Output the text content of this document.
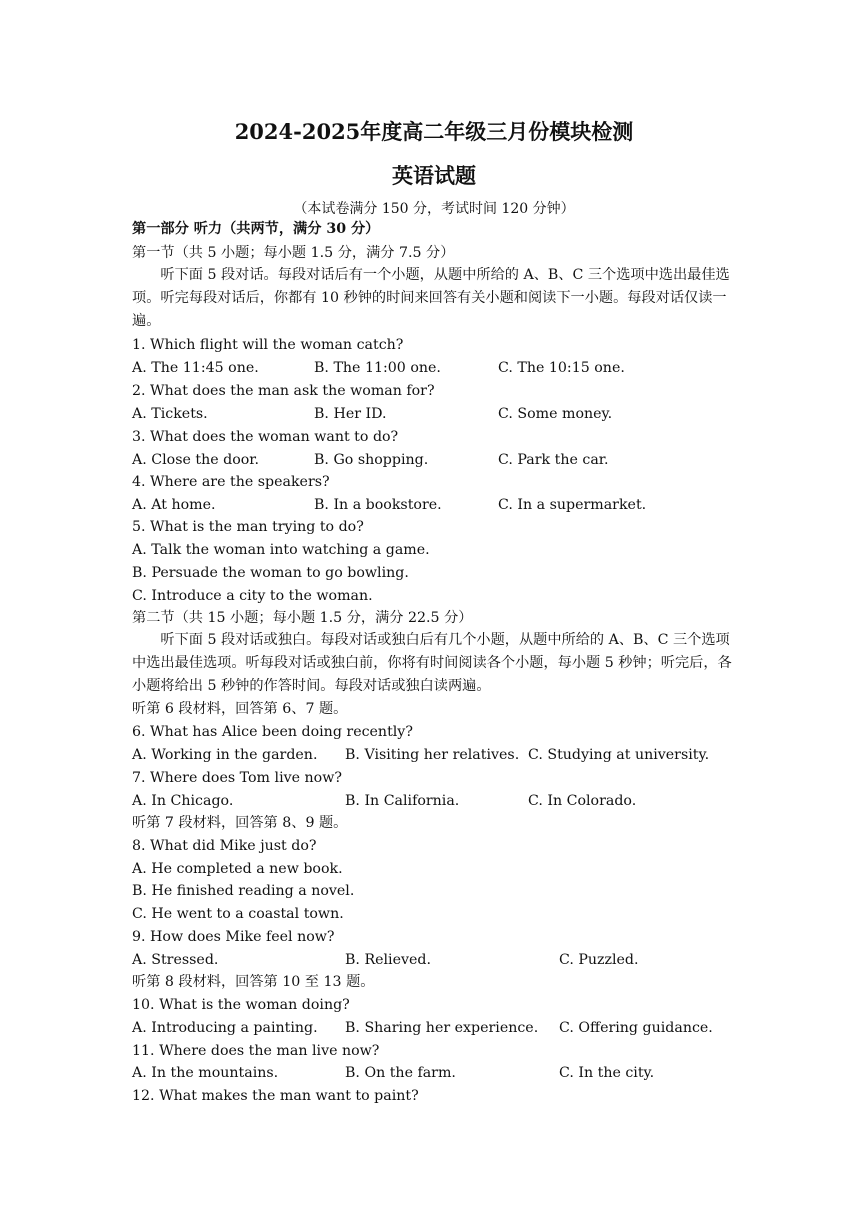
2024-2025年度高二年级三月份模块检测
英语试题
（本试卷满分 150 分，考试时间 120 分钟）
第一部分 听力（共两节，满分 30 分）
第一节（共 5 小题；每小题 1.5 分，满分 7.5 分）
听下面 5 段对话。每段对话后有一个小题，从题中所给的 A、B、C 三个选项中选出最佳选项。听完每段对话后，你都有 10 秒钟的时间来回答有关小题和阅读下一小题。每段对话仅读一遍。
1. Which flight will the woman catch?
A. The 11:45 one.	B. The 11:00 one.	C. The 10:15 one.
2. What does the man ask the woman for?
A. Tickets.	B. Her ID.	C. Some money.
3. What does the woman want to do?
A. Close the door.	B. Go shopping.	C. Park the car.
4. Where are the speakers?
A. At home.	B. In a bookstore.	C. In a supermarket.
5. What is the man trying to do?
A. Talk the woman into watching a game.
B. Persuade the woman to go bowling.
C. Introduce a city to the woman.
第二节（共 15 小题；每小题 1.5 分，满分 22.5 分）
听下面 5 段对话或独白。每段对话或独白后有几个小题，从题中所给的 A、B、C 三个选项中选出最佳选项。听每段对话或独白前，你将有时间阅读各个小题，每小题 5 秒钟；听完后，各小题将给出 5 秒钟的作答时间。每段对话或独白读两遍。
听第 6 段材料，回答第 6、7 题。
6. What has Alice been doing recently?
A. Working in the garden. B. Visiting her relatives. C. Studying at university.
7. Where does Tom live now?
A. In Chicago.	B. In California.	C. In Colorado.
听第 7 段材料，回答第 8、9 题。
8. What did Mike just do?
A. He completed a new book.
B. He finished reading a novel.
C. He went to a coastal town.
9. How does Mike feel now?
A. Stressed.	B. Relieved.	C. Puzzled.
听第 8 段材料，回答第 10 至 13 题。
10. What is the woman doing?
A. Introducing a painting. B. Sharing her experience. C. Offering guidance.
11. Where does the man live now?
A. In the mountains.	B. On the farm.	C. In the city.
12. What makes the man want to paint?
